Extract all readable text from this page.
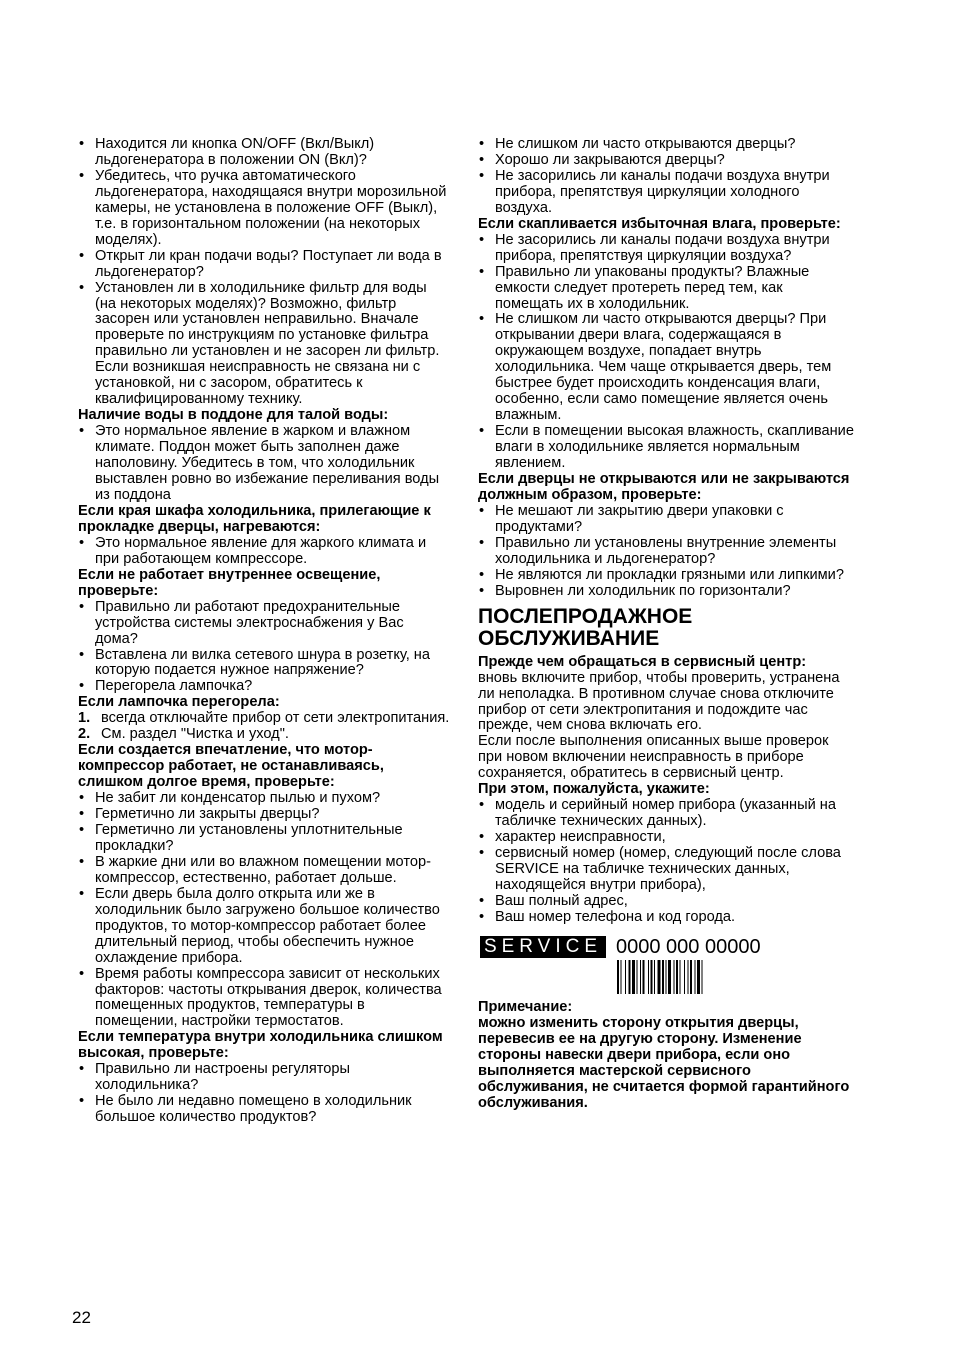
• Находится ли кнопка ON/OFF (Вкл/Выкл) льдогенератора в положении ON (Вкл)?
• Убедитесь, что ручка автоматического льдогенератора, находящаяся внутри морозильной камеры, не установлена в положение OFF (Выкл), т.е. в горизонтальном положении (на некоторых моделях).
• Открыт ли кран подачи воды? Поступает ли вода в льдогенератор?
• Установлен ли в холодильнике фильтр для воды (на некоторых моделях)? Возможно, фильтр засорен или установлен неправильно. Вначале проверьте по инструкциям по установке фильтра правильно ли установлен и не засорен ли фильтр. Если возникшая неисправность не связана ни с установкой, ни с засором, обратитесь к квалифицированному технику.

Наличие воды в поддоне для талой воды:

• Это нормальное явление в жарком и влажном климате. Поддон может быть заполнен даже наполовину. Убедитесь в том, что холодильник выставлен ровно во избежание переливания воды из поддона

Если края шкафа холодильника, прилегающие к прокладке дверцы, нагреваются:

• Это нормальное явление для жаркого климата и при работающем компрессоре.

Если не работает внутреннее освещение, проверьте:

• Правильно ли работают предохранительные устройства системы электроснабжения у Вас дома?
• Вставлена ли вилка сетевого шнура в розетку, на которую подается нужное напряжение?
• Перегорела лампочка?

Если лампочка перегорела:

1. всегда отключайте прибор от сети электропитания.
2. См. раздел "Чистка и уход".

Если создается впечатление, что мотор-компрессор работает, не останавливаясь, слишком долгое время, проверьте:

• Не забит ли конденсатор пылью и пухом?
• Герметично ли закрыты дверцы?
• Герметично ли установлены уплотнительные прокладки?
• В жаркие дни или во влажном помещении мотор-компрессор, естественно, работает дольше.
• Если дверь была долго открыта или же в холодильник было загружено большое количество продуктов, то мотор-компрессор работает более длительный период, чтобы обеспечить нужное охлаждение прибора.
• Время работы компрессора зависит от нескольких факторов: частоты открывания дверок, количества помещенных продуктов, температуры в помещении, настройки термостатов.

Если температура внутри холодильника слишком высокая, проверьте:

• Правильно ли настроены регуляторы холодильника?
• Не было ли недавно помещено в холодильник большое количество продуктов?
• Не слишком ли часто открываются дверцы?
• Хорошо ли закрываются дверцы?
• Не засорились ли каналы подачи воздуха внутри прибора, препятствуя циркуляции холодного воздуха.

Если скапливается избыточная влага, проверьте:

• Не засорились ли каналы подачи воздуха внутри прибора, препятствуя циркуляции воздуха?
• Правильно ли упакованы продукты? Влажные емкости следует протереть перед тем, как помещать их в холодильник.
• Не слишком ли часто открываются дверцы? При открывании двери влага, содержащаяся в окружающем воздухе, попадает внутрь холодильника. Чем чаще открывается дверь, тем быстрее будет происходить конденсация влаги, особенно, если само помещение является очень влажным.
• Если в помещении высокая влажность, скапливание влаги в холодильнике является нормальным явлением.

Если дверцы не открываются или не закрываются должным образом, проверьте:

• Не мешают ли закрытию двери упаковки с продуктами?
• Правильно ли установлены внутренние элементы холодильника и льдогенератор?
• Не являются ли прокладки грязными или липкими?
• Выровнен ли холодильник по горизонтали?
ПОСЛЕПРОДАЖНОЕ ОБСЛУЖИВАНИЕ

Прежде чем обращаться в сервисный центр:

вновь включите прибор, чтобы проверить, устранена ли неполадка. В противном случае снова отключите прибор от сети электропитания и подождите час прежде, чем снова включать его.

Если после выполнения описанных выше проверок при новом включении неисправность в приборе сохраняется, обратитесь в сервисный центр.

При этом, пожалуйста, укажите:

• модель и серийный номер прибора (указанный на табличке технических данных).
• характер неисправности,
• сервисный номер (номер, следующий после слова SERVICE на табличке технических данных, находящейся внутри прибора),
• Ваш полный адрес,
• Ваш номер телефона и код города.
SERVICE 0000 000 00000

Примечание:

можно изменить сторону открытия дверцы, перевесив ее на другую сторону. Изменение стороны навески двери прибора, если оно выполняется мастерской сервисного обслуживания, не считается формой гарантийного обслуживания.

22
